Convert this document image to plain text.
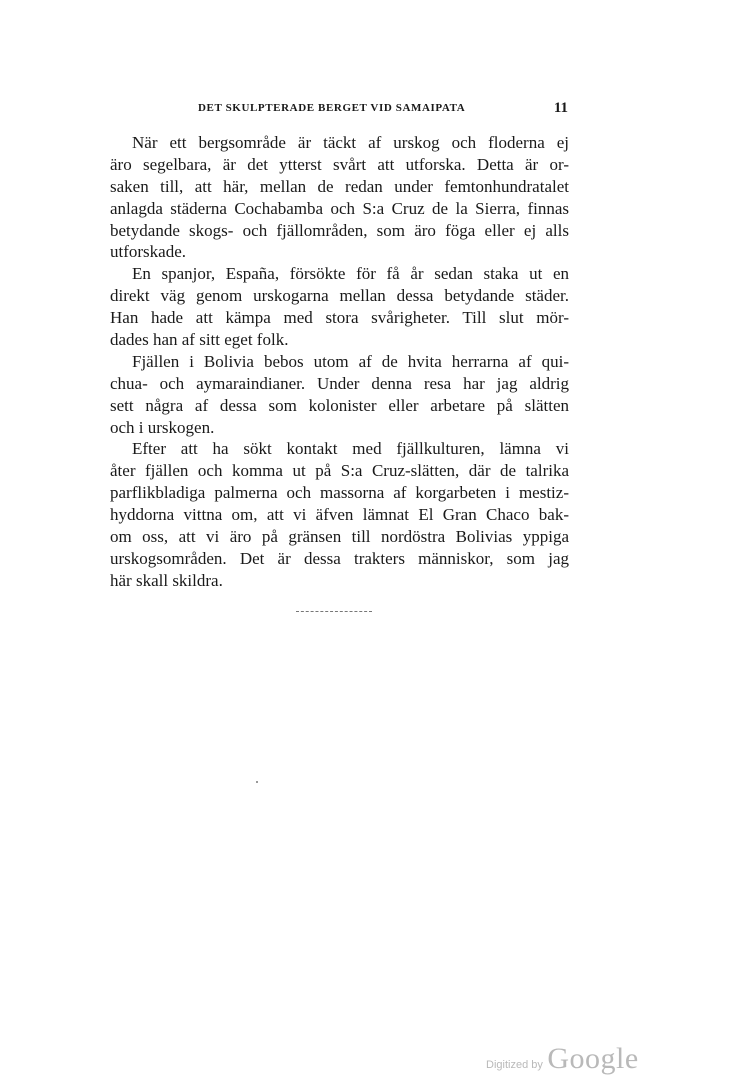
DET SKULPTERADE BERGET VID SAMAIPATA	11
När ett bergsområde är täckt af urskog och floderna ej
äro segelbara, är det ytterst svårt att utforska. Detta är or-
saken till, att här, mellan de redan under femtonhundratalet
anlagda städerna Cochabamba och S:a Cruz de la Sierra, finnas
betydande skogs- och fjällområden, som äro föga eller ej alls
utforskade.
En spanjor, España, försökte för få år sedan staka ut en
direkt väg genom urskogarna mellan dessa betydande städer.
Han hade att kämpa med stora svårigheter. Till slut mör-
dades han af sitt eget folk.
Fjällen i Bolivia bebos utom af de hvita herrarna af qui-
chua- och aymaraindianer. Under denna resa har jag aldrig
sett några af dessa som kolonister eller arbetare på slätten
och i urskogen.
Efter att ha sökt kontakt med fjällkulturen, lämna vi
åter fjällen och komma ut på S:a Cruz-slätten, där de talrika
parflikbladiga palmerna och massorna af korgarbeten i mestiz-
hyddorna vittna om, att vi äfven lämnat El Gran Chaco bak-
om oss, att vi äro på gränsen till nordöstra Bolivias yppiga
urskogsområden. Det är dessa trakters människor, som jag
här skall skildra.
Digitized by Google
